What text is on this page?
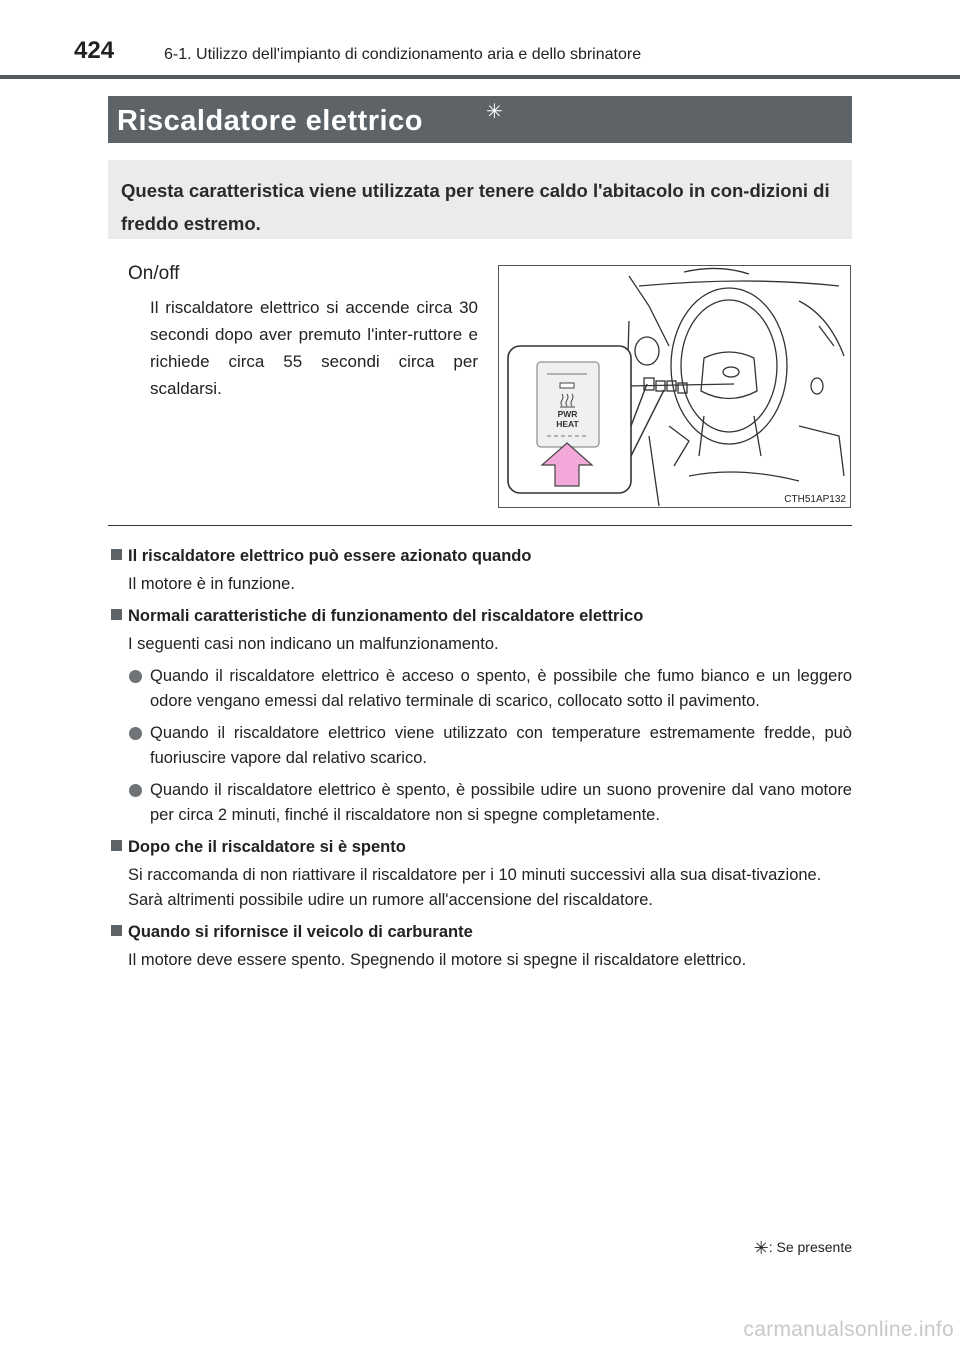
424	6-1. Utilizzo dell'impianto di condizionamento aria e dello sbrinatore
Riscaldatore elettrico	✳
Questa caratteristica viene utilizzata per tenere caldo l'abitacolo in con-dizioni di freddo estremo.
On/off
Il riscaldatore elettrico si accende circa 30 secondi dopo aver premuto l'inter-ruttore e richiede circa 55 secondi circa per scaldarsi.
PWR
HEAT
CTH51AP132
Il riscaldatore elettrico può essere azionato quando
Il motore è in funzione.
Normali caratteristiche di funzionamento del riscaldatore elettrico
I seguenti casi non indicano un malfunzionamento.
Quando il riscaldatore elettrico è acceso o spento, è possibile che fumo bianco e un leggero odore vengano emessi dal relativo terminale di scarico, collocato sotto il pavimento.
Quando il riscaldatore elettrico viene utilizzato con temperature estremamente fredde, può fuoriuscire vapore dal relativo scarico.
Quando il riscaldatore elettrico è spento, è possibile udire un suono provenire dal vano motore per circa 2 minuti, finché il riscaldatore non si spegne completamente.
Dopo che il riscaldatore si è spento
Si raccomanda di non riattivare il riscaldatore per i 10 minuti successivi alla sua disat-tivazione. Sarà altrimenti possibile udire un rumore all'accensione del riscaldatore.
Quando si rifornisce il veicolo di carburante
Il motore deve essere spento. Spegnendo il motore si spegne il riscaldatore elettrico.
✳: Se presente
carmanualsonline.info
